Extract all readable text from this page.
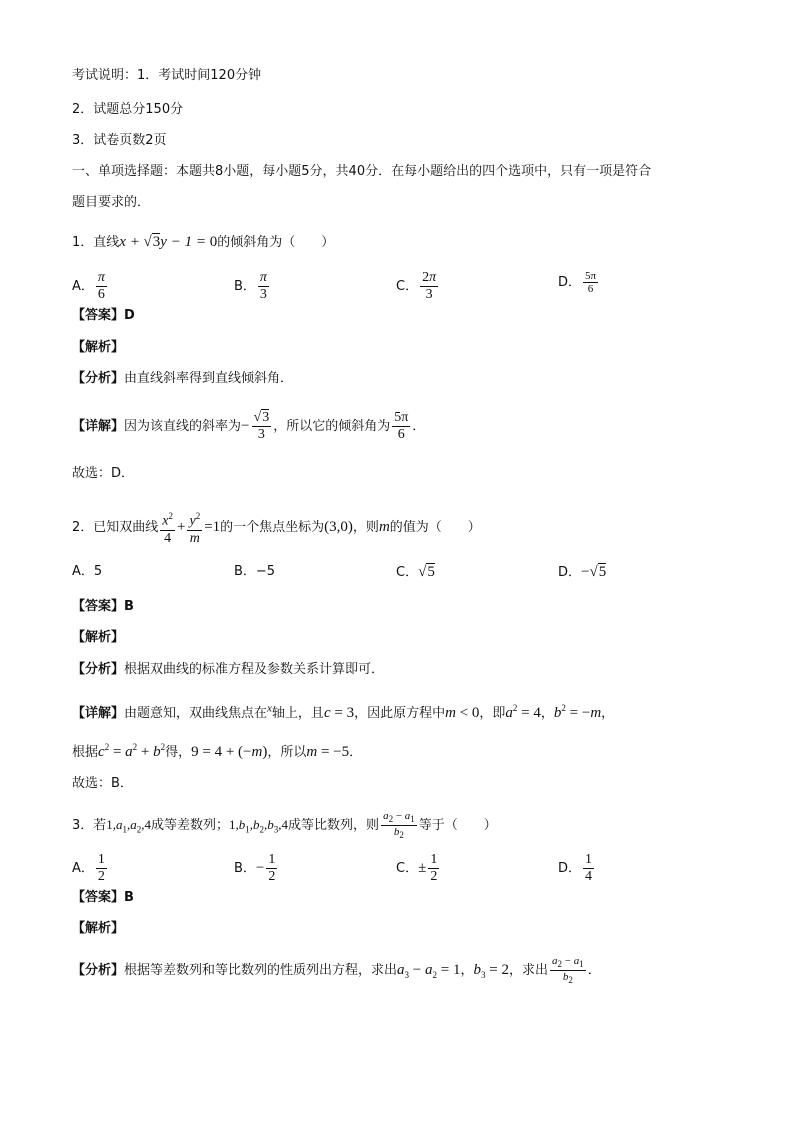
考试说明：1．考试时间120分钟
2．试题总分150分
3．试卷页数2页
一、单项选择题：本题共8小题，每小题5分，共40分．在每小题给出的四个选项中，只有一项是符合
题目要求的．
1．直线x + √3y − 1 = 0的倾斜角为（　　）
A． $\frac{\pi}{6}$	B． $\frac{\pi}{3}$	C． $\frac{2\pi}{3}$	D． $\frac{5\pi}{6}$
【答案】D
【解析】
【分析】由直线斜率得到直线倾斜角．
【详解】因为该直线的斜率为− $\frac{√3}{3}$ ，所以它的倾斜角为 $\frac{5\pi}{6}$ ．
故选：D．
2．已知双曲线 $\frac{x^2}{4} + \frac{y^2}{m} =1$的一个焦点坐标为(3,0)，则m的值为（　　）
A．5	B．−5	C．√5	D．−√5
【答案】B
【解析】
【分析】根据双曲线的标准方程及参数关系计算即可．
【详解】由题意知，双曲线焦点在$^x$轴上，且c = 3，因此原方程中m < 0，即$a^2 = 4$，$b^2 = -m$，
根据$c^2 = a^2 + b^2$得，9 = 4 + (−m)，所以m = −5．
故选：B．
3．若$1,a_1,a_2,4$成等差数列；$1,b_1,b_2,b_3,4$成等比数列，则 $\frac{a_2 - a_1}{b_2}$ 等于（　　）
A． $\frac{1}{2}$	B．− $\frac{1}{2}$	C．± $\frac{1}{2}$	D． $\frac{1}{4}$
【答案】B
【解析】
【分析】根据等差数列和等比数列的性质列出方程，求出$a_3 - a_2 = 1$，$b_3 = 2$，求出 $\frac{a_2 - a_1}{b_2}$ ．
